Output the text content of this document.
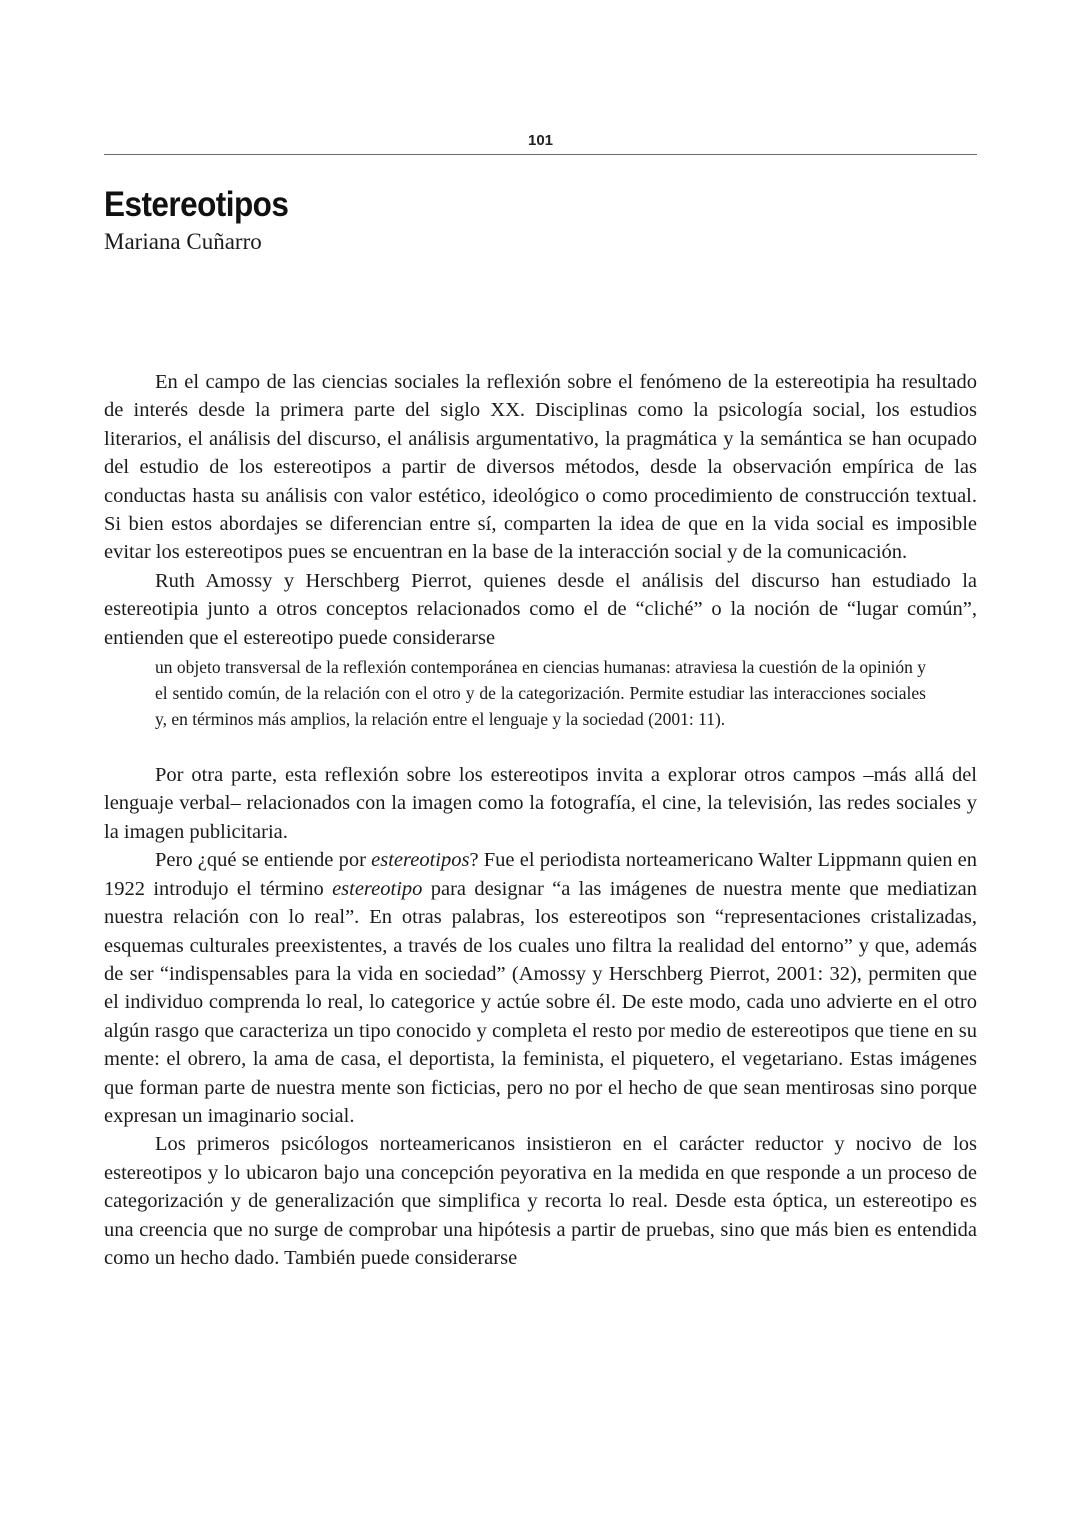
101
Estereotipos
Mariana Cuñarro

En el campo de las ciencias sociales la reflexión sobre el fenómeno de la estereotipia ha resultado de interés desde la primera parte del siglo XX. Disciplinas como la psicología social, los estudios literarios, el análisis del discurso, el análisis argumentativo, la pragmática y la semántica se han ocupado del estudio de los estereotipos a partir de diversos métodos, desde la observación empírica de las conductas hasta su análisis con valor estético, ideológico o como procedimiento de construcción textual. Si bien estos abordajes se diferencian entre sí, comparten la idea de que en la vida social es imposible evitar los estereotipos pues se encuentran en la base de la interacción social y de la comunicación.

Ruth Amossy y Herschberg Pierrot, quienes desde el análisis del discurso han estudiado la estereotipia junto a otros conceptos relacionados como el de “cliché” o la noción de “lugar común”, entienden que el estereotipo puede considerarse

un objeto transversal de la reflexión contemporánea en ciencias humanas: atraviesa la cuestión de la opinión y el sentido común, de la relación con el otro y de la categorización. Permite estudiar las interacciones sociales y, en términos más amplios, la relación entre el lenguaje y la sociedad (2001: 11).

Por otra parte, esta reflexión sobre los estereotipos invita a explorar otros campos –más allá del lenguaje verbal– relacionados con la imagen como la fotografía, el cine, la televisión, las redes sociales y la imagen publicitaria.

Pero ¿qué se entiende por estereotipos? Fue el periodista norteamericano Walter Lippmann quien en 1922 introdujo el término estereotipo para designar “a las imágenes de nuestra mente que mediatizan nuestra relación con lo real”. En otras palabras, los estereotipos son “representaciones cristalizadas, esquemas culturales preexistentes, a través de los cuales uno filtra la realidad del entorno” y que, además de ser “indispensables para la vida en sociedad” (Amossy y Herschberg Pierrot, 2001: 32), permiten que el individuo comprenda lo real, lo categorice y actúe sobre él. De este modo, cada uno advierte en el otro algún rasgo que caracteriza un tipo conocido y completa el resto por medio de estereotipos que tiene en su mente: el obrero, la ama de casa, el deportista, la feminista, el piquetero, el vegetariano. Estas imágenes que forman parte de nuestra mente son ficticias, pero no por el hecho de que sean mentirosas sino porque expresan un imaginario social.

Los primeros psicólogos norteamericanos insistieron en el carácter reductor y nocivo de los estereotipos y lo ubicaron bajo una concepción peyorativa en la medida en que responde a un proceso de categorización y de generalización que simplifica y recorta lo real. Desde esta óptica, un estereotipo es una creencia que no surge de comprobar una hipótesis a partir de pruebas, sino que más bien es entendida como un hecho dado. También puede considerarse
